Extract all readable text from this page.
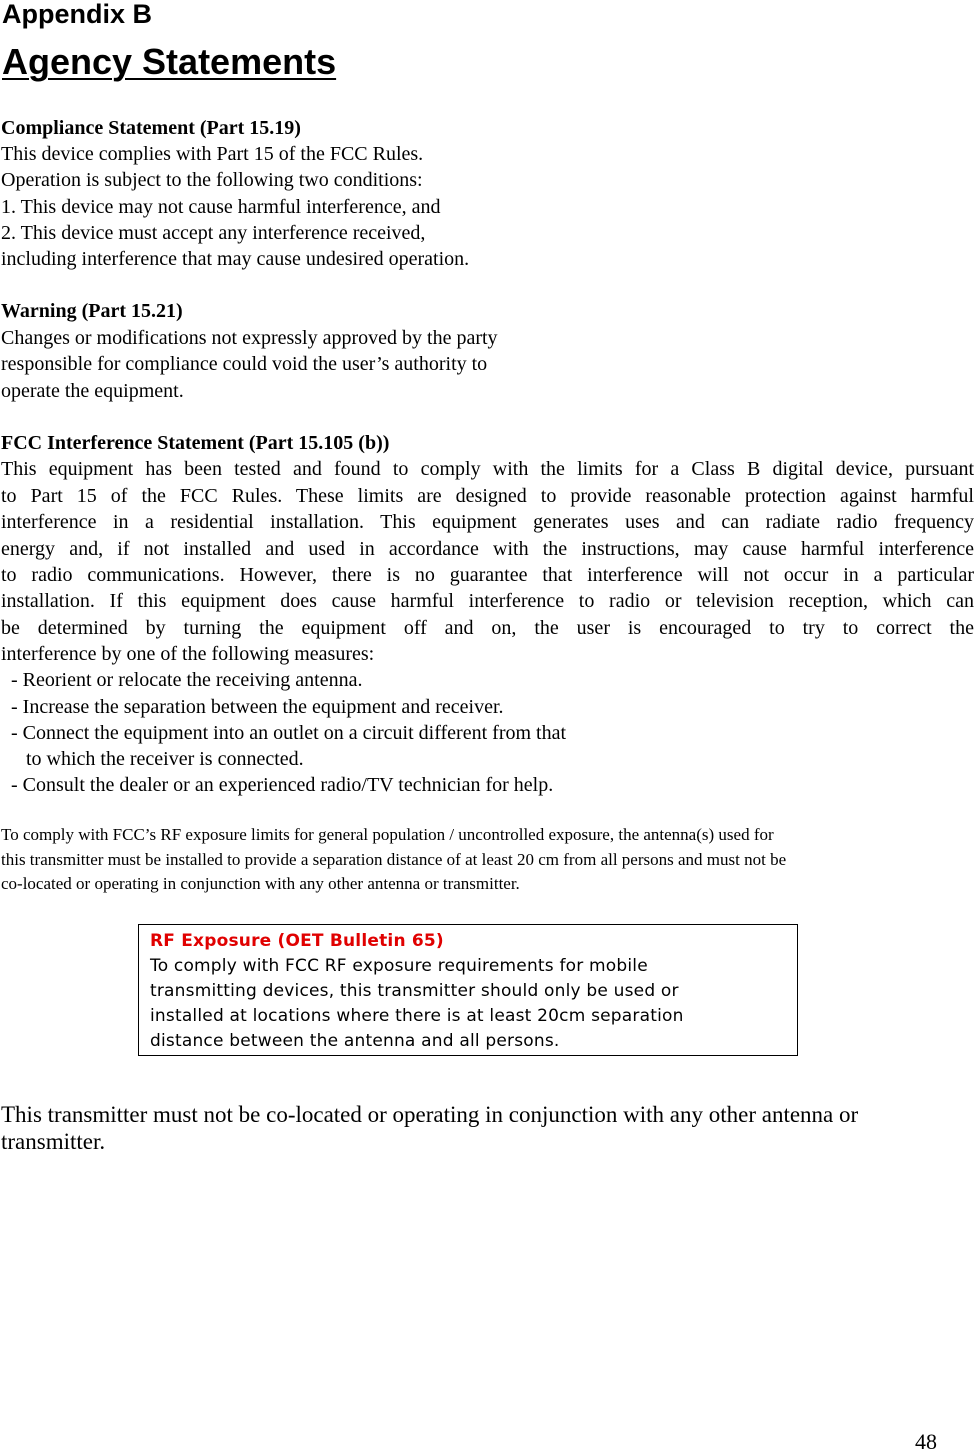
Appendix B
Agency Statements
Compliance Statement (Part 15.19)
This device complies with Part 15 of the FCC Rules.
Operation is subject to the following two conditions:
1. This device may not cause harmful interference, and
2. This device must accept any interference received,
including interference that may cause undesired operation.
Warning (Part 15.21)
Changes or modifications not expressly approved by the party
responsible for compliance could void the user’s authority to
operate the equipment.
FCC Interference Statement (Part 15.105 (b))
This equipment has been tested and found to comply with the limits for a Class B digital device, pursuant
to Part 15 of the FCC Rules. These limits are designed to provide reasonable protection against harmful
interference in a residential installation. This equipment generates uses and can radiate radio frequency
energy and, if not installed and used in accordance with the instructions, may cause harmful interference
to radio communications. However, there is no guarantee that interference will not occur in a particular
installation. If this equipment does cause harmful interference to radio or television reception, which can
be determined by turning the equipment off and on, the user is encouraged to try to correct the
interference by one of the following measures:
- Reorient or relocate the receiving antenna.
- Increase the separation between the equipment and receiver.
- Connect the equipment into an outlet on a circuit different from that
to which the receiver is connected.
- Consult the dealer or an experienced radio/TV technician for help.
To comply with FCC’s RF exposure limits for general population / uncontrolled exposure, the antenna(s) used for
this transmitter must be installed to provide a separation distance of at least 20 cm from all persons and must not be
co-located or operating in conjunction with any other antenna or transmitter.
RF Exposure (OET Bulletin 65)
To comply with FCC RF exposure requirements for mobile
transmitting devices, this transmitter should only be used or
installed at locations where there is at least 20cm separation
distance between the antenna and all persons.
This transmitter must not be co-located or operating in conjunction with any other antenna or
transmitter.
48
